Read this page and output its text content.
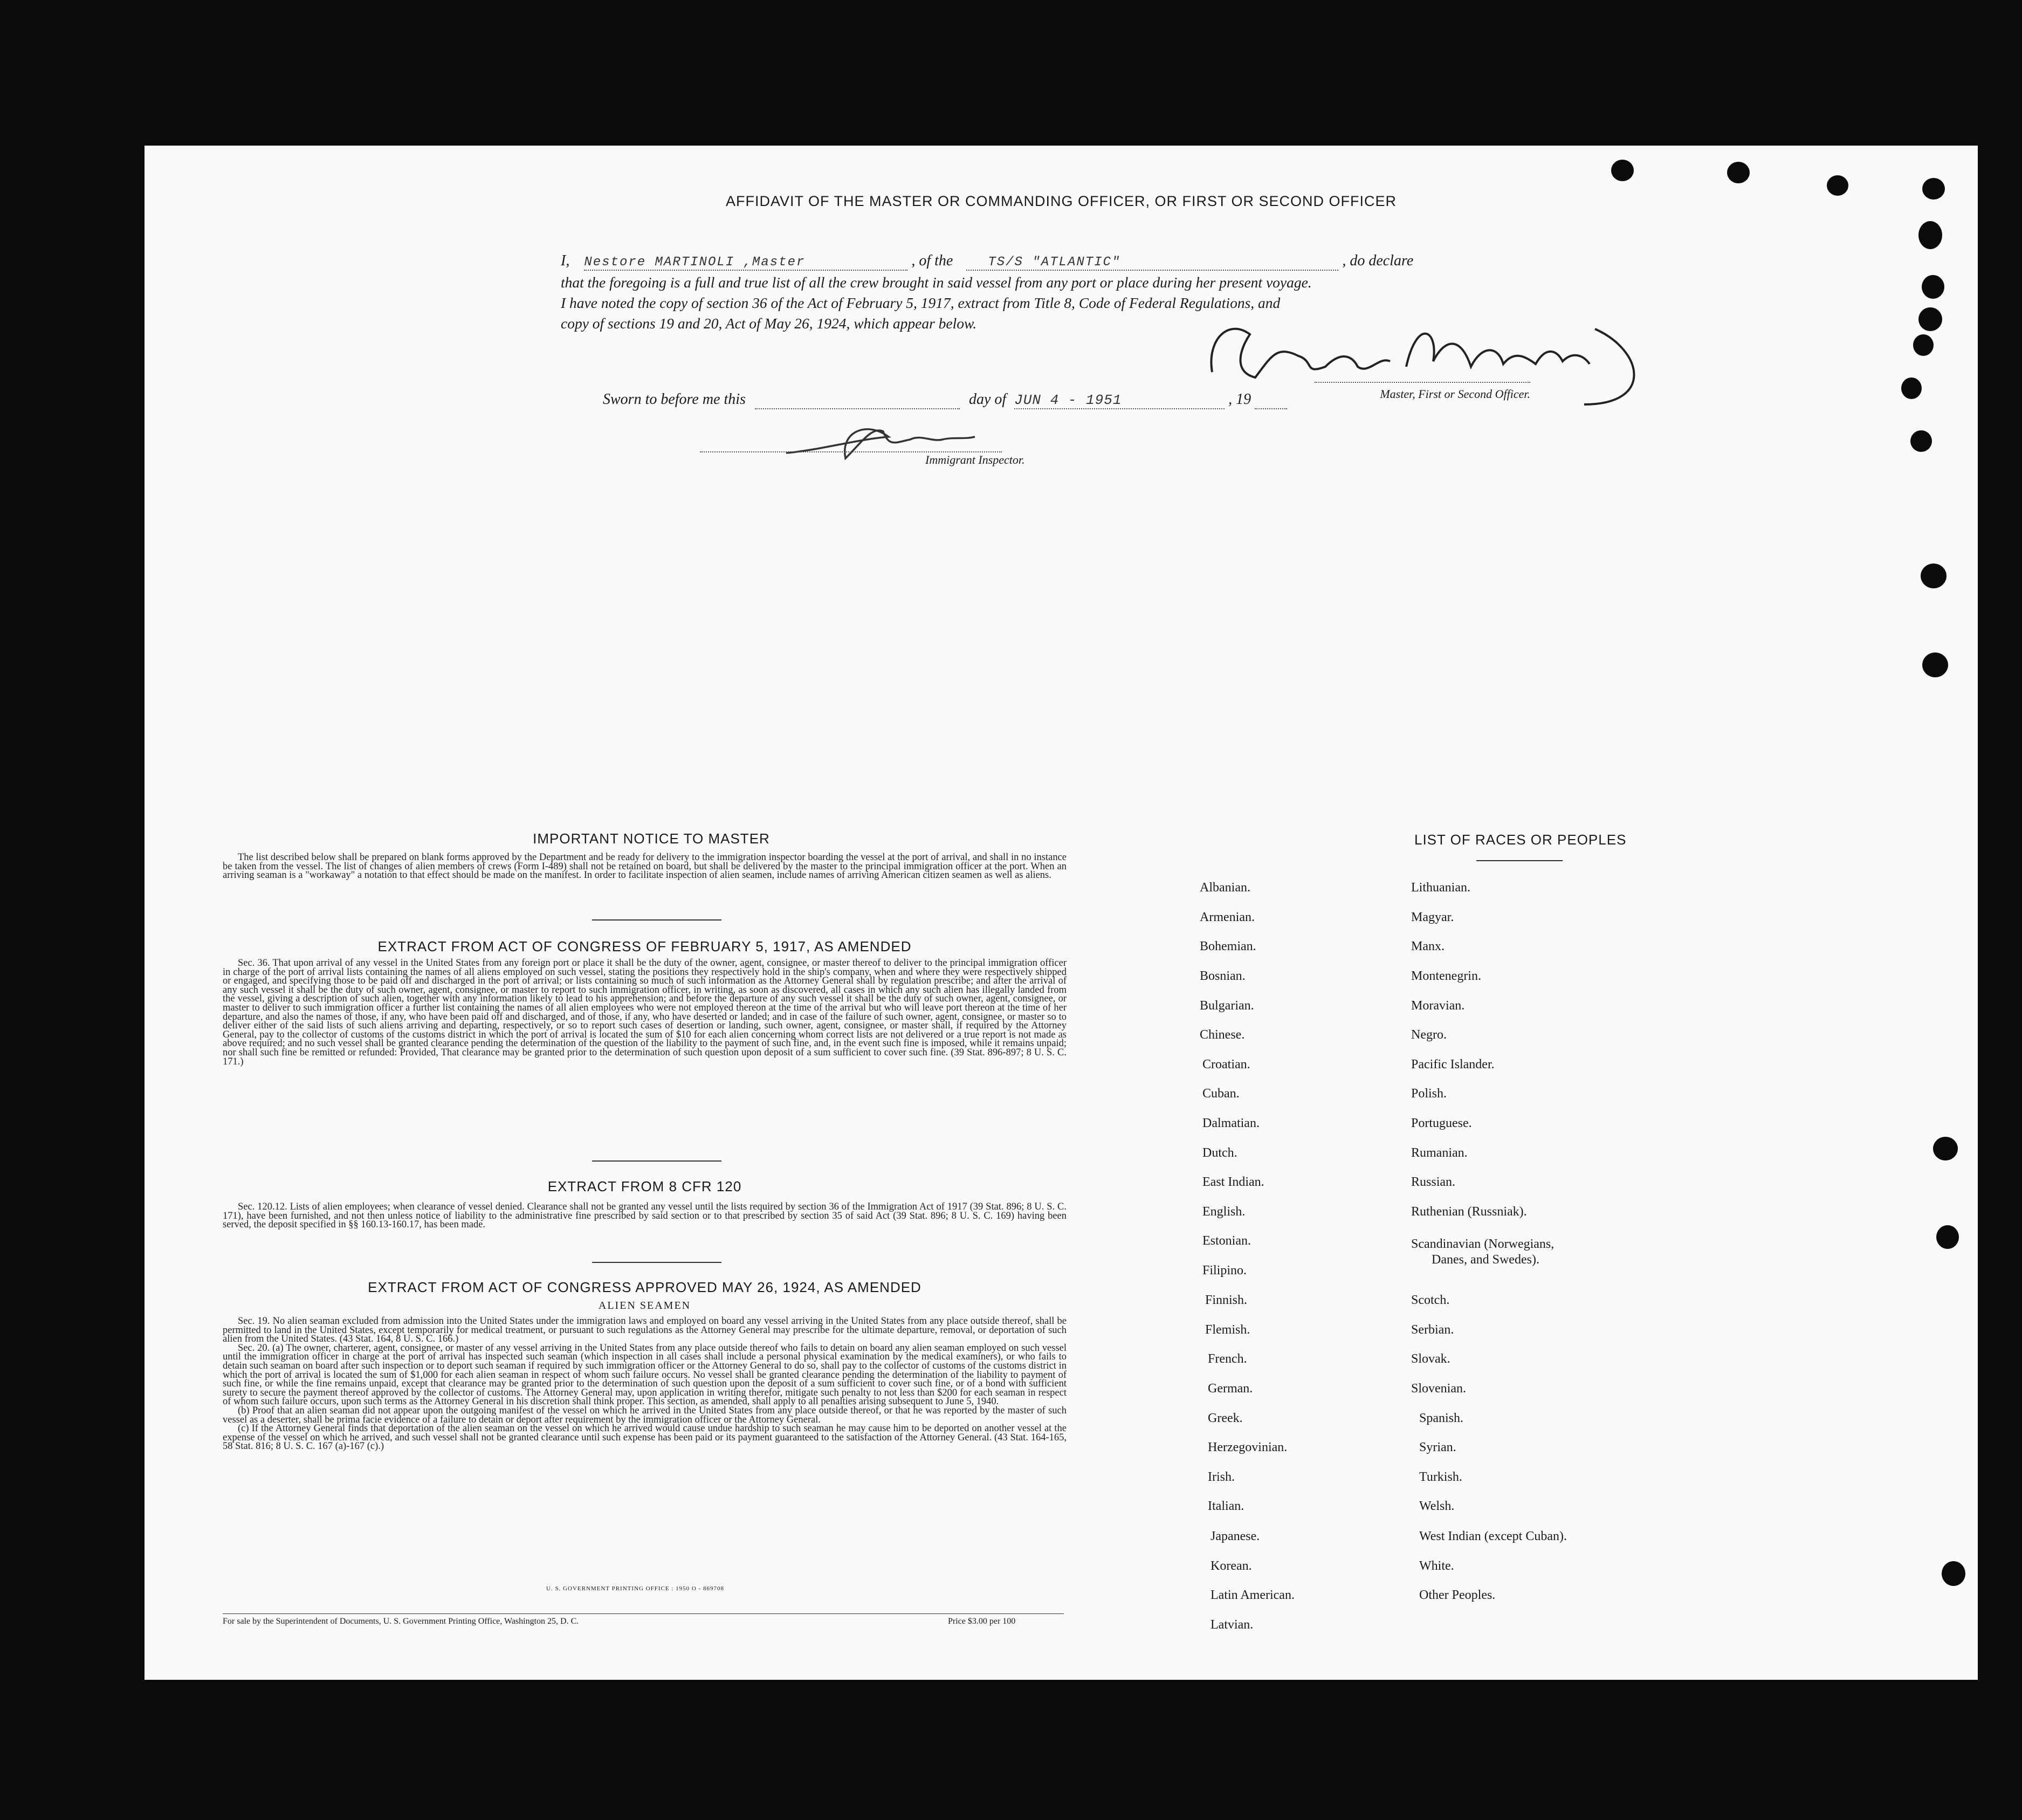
AFFIDAVIT OF THE MASTER OR COMMANDING OFFICER, OR FIRST OR SECOND OFFICER
I, Nestore MARTINOLI ,Master	, of the	TS/S "ATLANTIC"	, do declare
that the foregoing is a full and true list of all the crew brought in said vessel from any port or place during her present voyage.
I have noted the copy of section 36 of the Act of February 5, 1917, extract from Title 8, Code of Federal Regulations, and
copy of sections 19 and 20, Act of May 26, 1924, which appear below.
Master, First or Second Officer.
Sworn to before me this	day of JUN 4 - 1951	, 19
Immigrant Inspector.
IMPORTANT NOTICE TO MASTER

The list described below shall be prepared on blank forms approved by the Department and be ready for delivery to the immigration inspector boarding the vessel at the port of arrival, and shall in no instance be taken from the vessel. The list of changes of alien members of crews (Form I-489) shall not be retained on board, but shall be delivered by the master to the principal immigration officer at the port. When an arriving seaman is a "workaway" a notation to that effect should be made on the manifest. In order to facilitate inspection of alien seamen, include names of arriving American citizen seamen as well as aliens.

EXTRACT FROM ACT OF CONGRESS OF FEBRUARY 5, 1917, AS AMENDED

Sec. 36. That upon arrival of any vessel in the United States from any foreign port or place it shall be the duty of the owner, agent, consignee, or master thereof to deliver to the principal immigration officer in charge of the port of arrival lists containing the names of all aliens employed on such vessel, stating the positions they respectively hold in the ship's company, when and where they were respectively shipped or engaged, and specifying those to be paid off and discharged in the port of arrival; or lists containing so much of such information as the Attorney General shall by regulation prescribe; and after the arrival of any such vessel it shall be the duty of such owner, agent, consignee, or master to report to such immigration officer, in writing, as soon as discovered, all cases in which any such alien has illegally landed from the vessel, giving a description of such alien, together with any information likely to lead to his apprehension; and before the departure of any such vessel it shall be the duty of such owner, agent, consignee, or master to deliver to such immigration officer a further list containing the names of all alien employees who were not employed thereon at the time of the arrival but who will leave port thereon at the time of her departure, and also the names of those, if any, who have been paid off and discharged, and of those, if any, who have deserted or landed; and in case of the failure of such owner, agent, consignee, or master so to deliver either of the said lists of such aliens arriving and departing, respectively, or so to report such cases of desertion or landing, such owner, agent, consignee, or master shall, if required by the Attorney General, pay to the collector of customs of the customs district in which the port of arrival is located the sum of $10 for each alien concerning whom correct lists are not delivered or a true report is not made as above required; and no such vessel shall be granted clearance pending the determination of the question of the liability to the payment of such fine, and, in the event such fine is imposed, while it remains unpaid; nor shall such fine be remitted or refunded: Provided, That clearance may be granted prior to the determination of such question upon deposit of a sum sufficient to cover such fine. (39 Stat. 896-897; 8 U. S. C. 171.)

EXTRACT FROM 8 CFR 120

Sec. 120.12. Lists of alien employees; when clearance of vessel denied. Clearance shall not be granted any vessel until the lists required by section 36 of the Immigration Act of 1917 (39 Stat. 896; 8 U. S. C. 171), have been furnished, and not then unless notice of liability to the administrative fine prescribed by said section or to that prescribed by section 35 of said Act (39 Stat. 896; 8 U. S. C. 169) having been served, the deposit specified in §§ 160.13-160.17, has been made.

EXTRACT FROM ACT OF CONGRESS APPROVED MAY 26, 1924, AS AMENDED
ALIEN SEAMEN

Sec. 19. No alien seaman excluded from admission into the United States under the immigration laws and employed on board any vessel arriving in the United States from any place outside thereof, shall be permitted to land in the United States, except temporarily for medical treatment, or pursuant to such regulations as the Attorney General may prescribe for the ultimate departure, removal, or deportation of such alien from the United States. (43 Stat. 164, 8 U. S. C. 166.)

Sec. 20. (a) The owner, charterer, agent, consignee, or master of any vessel arriving in the United States from any place outside thereof who fails to detain on board any alien seaman employed on such vessel until the immigration officer in charge at the port of arrival has inspected such seaman (which inspection in all cases shall include a personal physical examination by the medical examiners), or who fails to detain such seaman on board after such inspection or to deport such seaman if required by such immigration officer or the Attorney General to do so, shall pay to the collector of customs of the customs district in which the port of arrival is located the sum of $1,000 for each alien seaman in respect of whom such failure occurs. No vessel shall be granted clearance pending the determination of the liability to payment of such fine, or while the fine remains unpaid, except that clearance may be granted prior to the determination of such question upon the deposit of a sum sufficient to cover such fine, or of a bond with sufficient surety to secure the payment thereof approved by the collector of customs. The Attorney General may, upon application in writing therefor, mitigate such penalty to not less than $200 for each seaman in respect of whom such failure occurs, upon such terms as the Attorney General in his discretion shall think proper. This section, as amended, shall apply to all penalties arising subsequent to June 5, 1940.

(b) Proof that an alien seaman did not appear upon the outgoing manifest of the vessel on which he arrived in the United States from any place outside thereof, or that he was reported by the master of such vessel as a deserter, shall be prima facie evidence of a failure to detain or deport after requirement by the immigration officer or the Attorney General.

(c) If the Attorney General finds that deportation of the alien seaman on the vessel on which he arrived would cause undue hardship to such seaman he may cause him to be deported on another vessel at the expense of the vessel on which he arrived, and such vessel shall not be granted clearance until such expense has been paid or its payment guaranteed to the satisfaction of the Attorney General. (43 Stat. 164-165, 58 Stat. 816; 8 U. S. C. 167 (a)-167 (c).)

U. S. GOVERNMENT PRINTING OFFICE : 1950 O - 869708
For sale by the Superintendent of Documents, U. S. Government Printing Office, Washington 25, D. C.	Price $3.00 per 100
LIST OF RACES OR PEOPLES
Albanian.
Armenian.
Bohemian.
Bosnian.
Bulgarian.
Chinese.
Croatian.
Cuban.
Dalmatian.
Dutch.
East Indian.
English.
Estonian.
Filipino.
Finnish.
Flemish.
French.
German.
Greek.
Herzegovinian.
Irish.
Italian.
Japanese.
Korean.
Latin American.
Latvian.
Lithuanian.
Magyar.
Manx.
Montenegrin.
Moravian.
Negro.
Pacific Islander.
Polish.
Portuguese.
Rumanian.
Russian.
Ruthenian (Russniak).
Scandinavian (Norwegians,
Danes, and Swedes).
Scotch.
Serbian.
Slovak.
Slovenian.
Spanish.
Syrian.
Turkish.
Welsh.
West Indian (except Cuban).
White.
Other Peoples.
